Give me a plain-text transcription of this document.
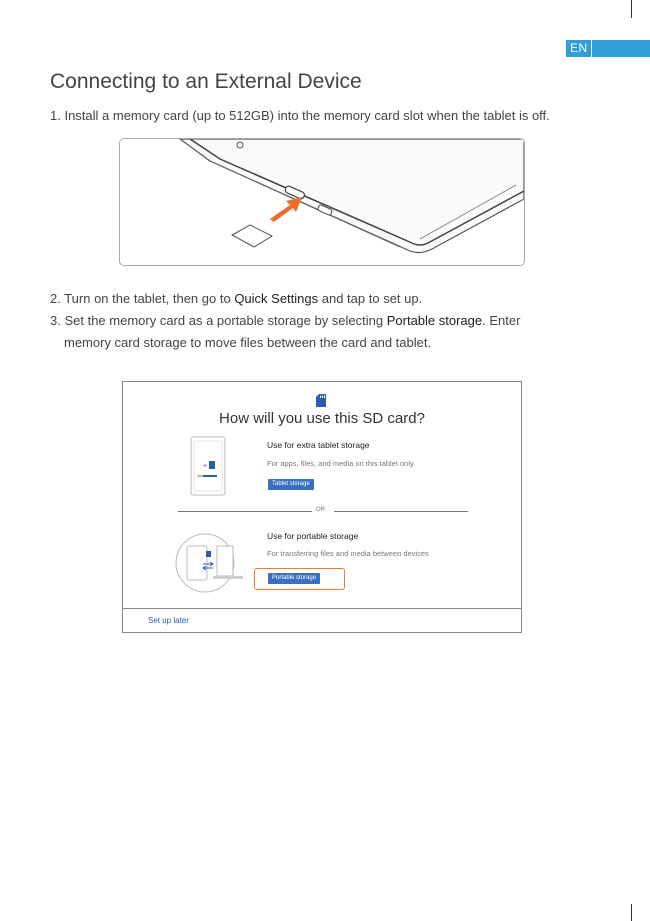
EN
Connecting to an External Device
1. Install a memory card (up to 512GB) into the memory card slot when the tablet is off.
2. Turn on the tablet, then go to Quick Settings and tap to set up.
3. Set the memory card as a portable storage by selecting Portable storage. Enter
memory card storage to move files between the card and tablet.
How will you use this SD card?
+
Use for extra tablet storage
For apps, files, and media on this tablet only
Tablet storage
OR
Use for portable storage
For transferring files and media between devices
Portable storage
Set up later
